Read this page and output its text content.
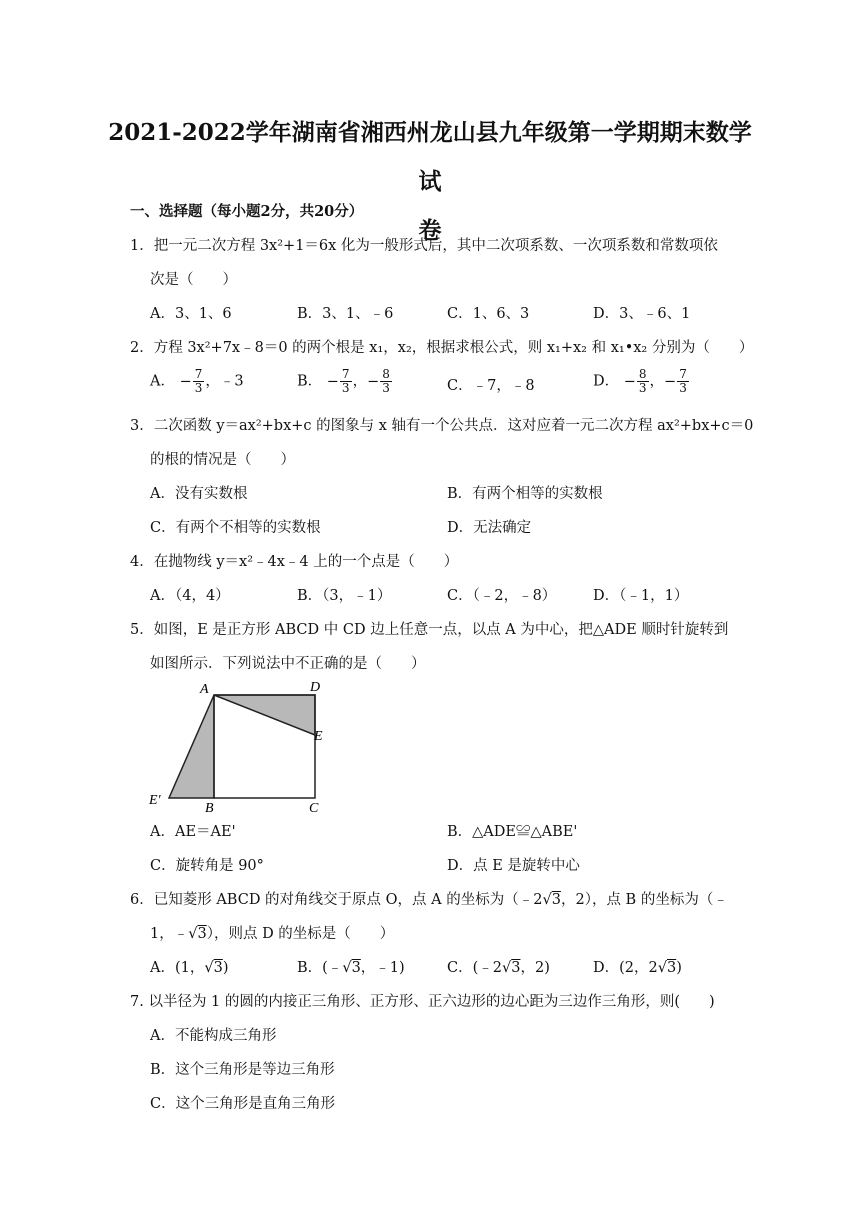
2021-2022学年湖南省湘西州龙山县九年级第一学期期末数学试
卷
一、选择题（每小题2分，共20分）
1．把一元二次方程 3x²+1＝6x 化为一般形式后，其中二次项系数、一次项系数和常数项依
次是（　　）
A．3、1、6	B．3、1、﹣6	C．1、6、3	D．3、﹣6、1
2．方程 3x²+7x﹣8＝0 的两个根是 x₁，x₂，根据求根公式，则 x₁+x₂ 和 x₁•x₂ 分别为（　　）
A． − $\frac{7}{3}$ ，﹣3	B． − $\frac{7}{3}$ ， − $\frac{8}{3}$	C．﹣7，﹣8	D． − $\frac{8}{3}$ ， − $\frac{7}{3}$
3．二次函数 y＝ax²+bx+c 的图象与 x 轴有一个公共点．这对应着一元二次方程 ax²+bx+c＝0
的根的情况是（　　）
A．没有实数根	B．有两个相等的实数根
C．有两个不相等的实数根	D．无法确定
4．在抛物线 y＝x²﹣4x﹣4 上的一个点是（　　）
A．（4，4）	B．（3，﹣1）	C．（﹣2，﹣8）	D．（﹣1，1）
5．如图，E 是正方形 ABCD 中 CD 边上任意一点，以点 A 为中心，把△ADE 顺时针旋转到
如图所示．下列说法中不正确的是（　　）
A	D
E
E′
B	C
A．AE＝AE'	B．△ADE≌△ABE'
C．旋转角是 90°	D．点 E 是旋转中心
6．已知菱形 ABCD 的对角线交于原点 O，点 A 的坐标为（﹣2√3，2），点 B 的坐标为（﹣
1，﹣√3），则点 D 的坐标是（　　）
A．(1，√3)	B．(﹣√3，﹣1)	C．(﹣2√3，2)	D．(2，2√3)
7. 以半径为 1 的圆的内接正三角形、正方形、正六边形的边心距为三边作三角形，则(　　)
A．不能构成三角形
B．这个三角形是等边三角形
C．这个三角形是直角三角形
